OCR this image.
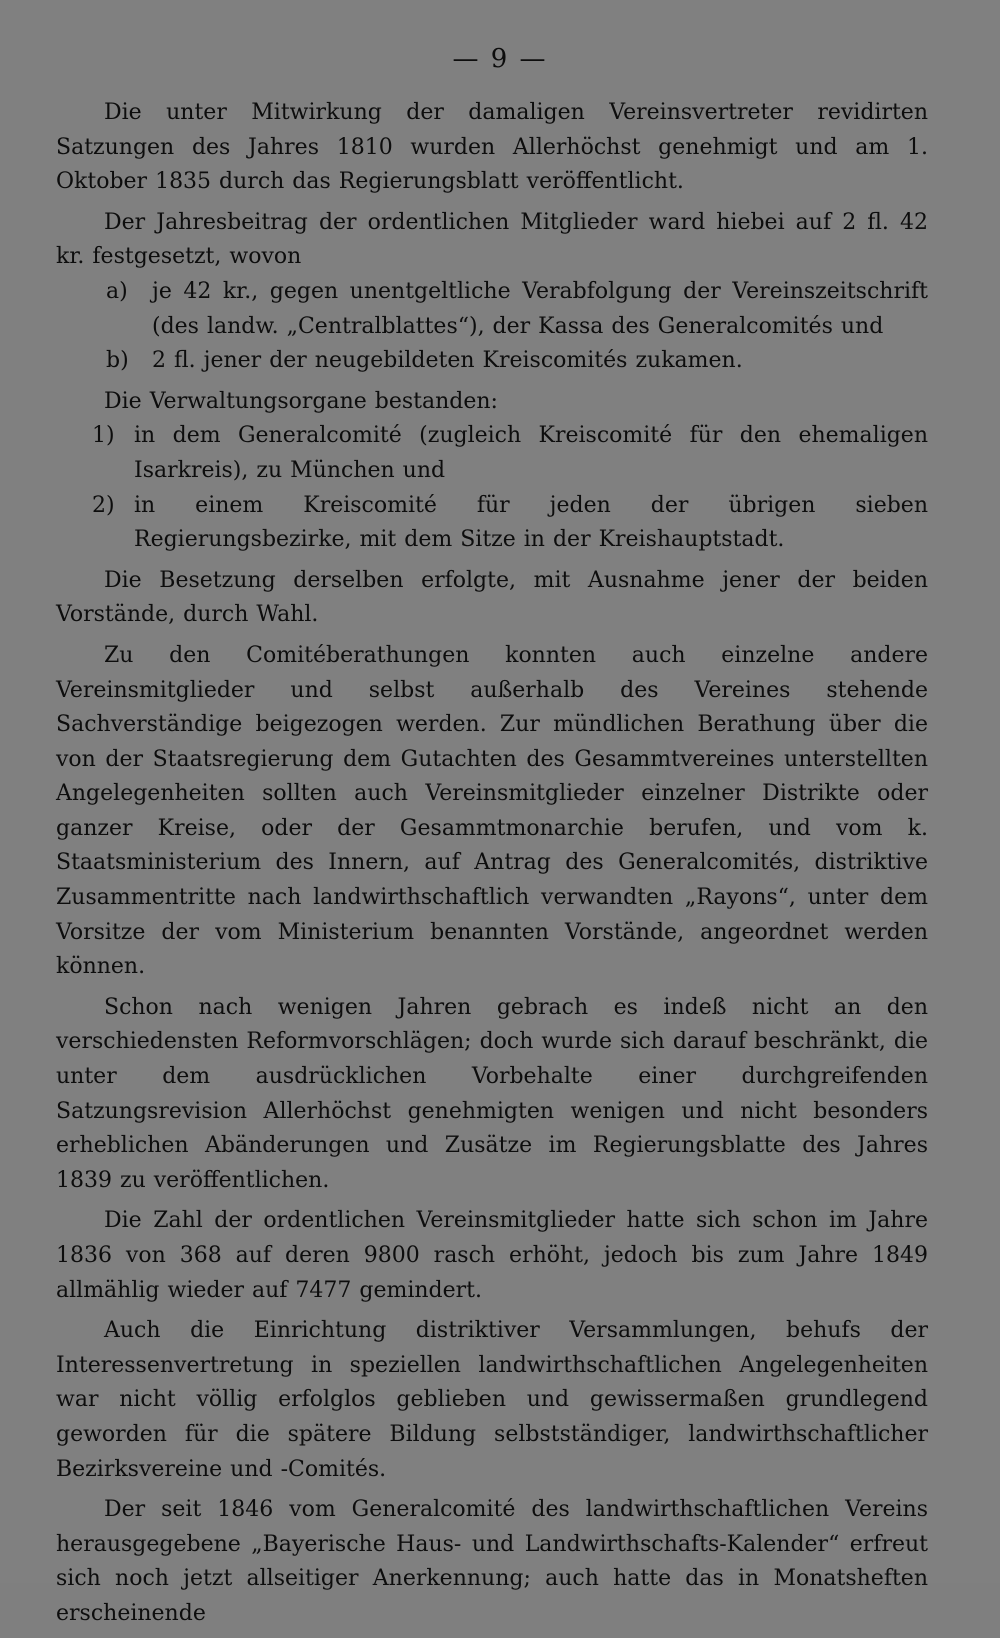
— 9 —

Die unter Mitwirkung der damaligen Vereinsvertreter revidirten Satzungen des Jahres 1810 wurden Allerhöchst genehmigt und am 1. Oktober 1835 durch das Regierungsblatt veröffentlicht.

Der Jahresbeitrag der ordentlichen Mitglieder ward hiebei auf 2 fl. 42 kr. festgesetzt, wovon

a)	je 42 kr., gegen unentgeltliche Verabfolgung der Vereinszeitschrift (des landw. „Centralblattes“), der Kassa des Generalcomités und
b)	2 fl. jener der neugebildeten Kreiscomités zukamen.

Die Verwaltungsorgane bestanden:

1) in dem Generalcomité (zugleich Kreiscomité für den ehemaligen Isarkreis), zu München und
2) in einem Kreiscomité für jeden der übrigen sieben Regierungsbezirke, mit dem Sitze in der Kreishauptstadt.

Die Besetzung derselben erfolgte, mit Ausnahme jener der beiden Vorstände, durch Wahl.

Zu den Comitéberathungen konnten auch einzelne andere Vereinsmitglieder und selbst außerhalb des Vereines stehende Sachverständige beigezogen werden. Zur mündlichen Berathung über die von der Staatsregierung dem Gutachten des Gesammtvereines unterstellten Angelegenheiten sollten auch Vereinsmitglieder einzelner Distrikte oder ganzer Kreise, oder der Gesammtmonarchie berufen, und vom k. Staatsministerium des Innern, auf Antrag des Generalcomités, distriktive Zusammentritte nach landwirthschaftlich verwandten „Rayons“, unter dem Vorsitze der vom Ministerium benannten Vorstände, angeordnet werden können.

Schon nach wenigen Jahren gebrach es indeß nicht an den verschiedensten Reformvorschlägen; doch wurde sich darauf beschränkt, die unter dem ausdrücklichen Vorbehalte einer durchgreifenden Satzungsrevision Allerhöchst genehmigten wenigen und nicht besonders erheblichen Abänderungen und Zusätze im Regierungsblatte des Jahres 1839 zu veröffentlichen.

Die Zahl der ordentlichen Vereinsmitglieder hatte sich schon im Jahre 1836 von 368 auf deren 9800 rasch erhöht, jedoch bis zum Jahre 1849 allmählig wieder auf 7477 gemindert.

Auch die Einrichtung distriktiver Versammlungen, behufs der Interessenvertretung in speziellen landwirthschaftlichen Angelegenheiten war nicht völlig erfolglos geblieben und gewissermaßen grundlegend geworden für die spätere Bildung selbstständiger, landwirthschaftlicher Bezirksvereine und -Comités.

Der seit 1846 vom Generalcomité des landwirthschaftlichen Vereins herausgegebene „Bayerische Haus- und Landwirthschafts-Kalender“ erfreut sich noch jetzt allseitiger Anerkennung; auch hatte das in Monatsheften erscheinende
